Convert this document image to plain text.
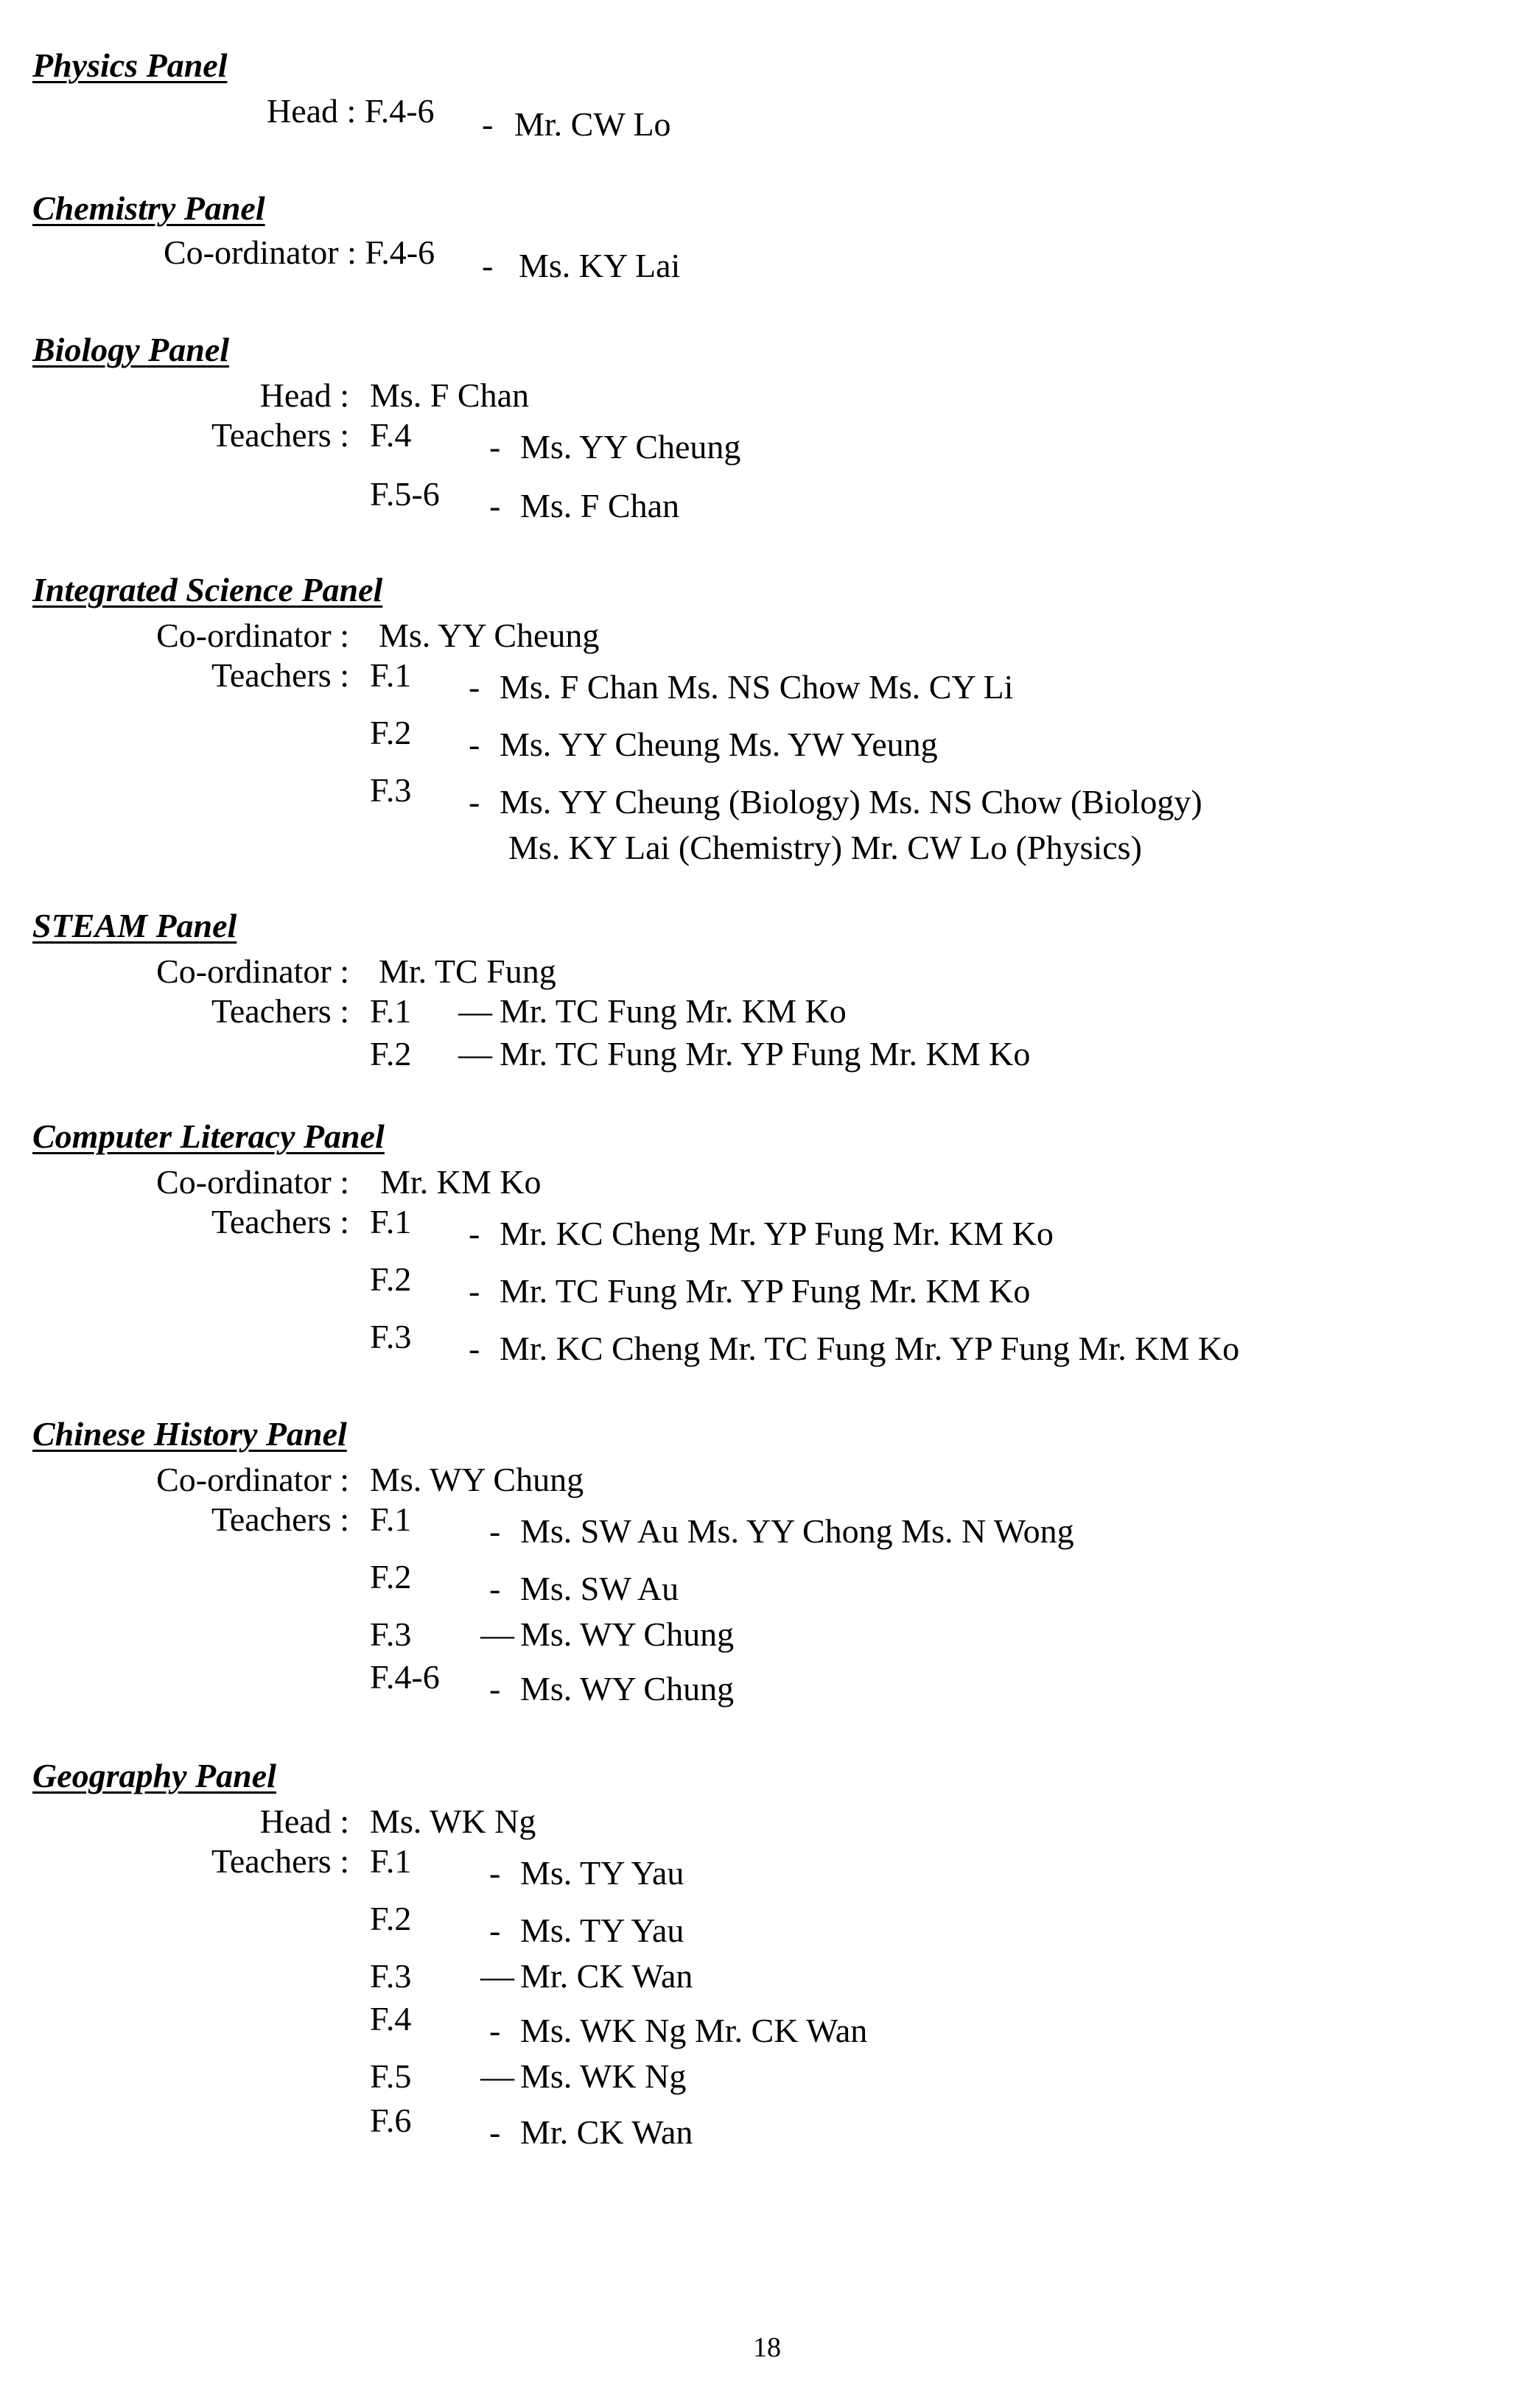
Physics Panel
Head : F.4-6 - Mr. CW Lo
Chemistry Panel
Co-ordinator : F.4-6 - Ms. KY Lai
Biology Panel
Head : Ms. F Chan
Teachers : F.4 - Ms. YY Cheung
F.5-6 - Ms. F Chan
Integrated Science Panel
Co-ordinator : Ms. YY Cheung
Teachers : F.1 - Ms. F Chan Ms. NS Chow Ms. CY Li
F.2 - Ms. YY Cheung Ms. YW Yeung
F.3 - Ms. YY Cheung (Biology) Ms. NS Chow (Biology)
Ms. KY Lai (Chemistry) Mr. CW Lo (Physics)
STEAM Panel
Co-ordinator : Mr. TC Fung
Teachers : F.1 — Mr. TC Fung Mr. KM Ko
F.2 — Mr. TC Fung Mr. YP Fung Mr. KM Ko
Computer Literacy Panel
Co-ordinator : Mr. KM Ko
Teachers : F.1 - Mr. KC Cheng Mr. YP Fung Mr. KM Ko
F.2 - Mr. TC Fung Mr. YP Fung Mr. KM Ko
F.3 - Mr. KC Cheng Mr. TC Fung Mr. YP Fung Mr. KM Ko
Chinese History Panel
Co-ordinator : Ms. WY Chung
Teachers : F.1 - Ms. SW Au Ms. YY Chong Ms. N Wong
F.2 - Ms. SW Au
F.3 — Ms. WY Chung
F.4-6 - Ms. WY Chung
Geography Panel
Head : Ms. WK Ng
Teachers : F.1 - Ms. TY Yau
F.2 - Ms. TY Yau
F.3 — Mr. CK Wan
F.4 - Ms. WK Ng Mr. CK Wan
F.5 — Ms. WK Ng
F.6 - Mr. CK Wan
18
